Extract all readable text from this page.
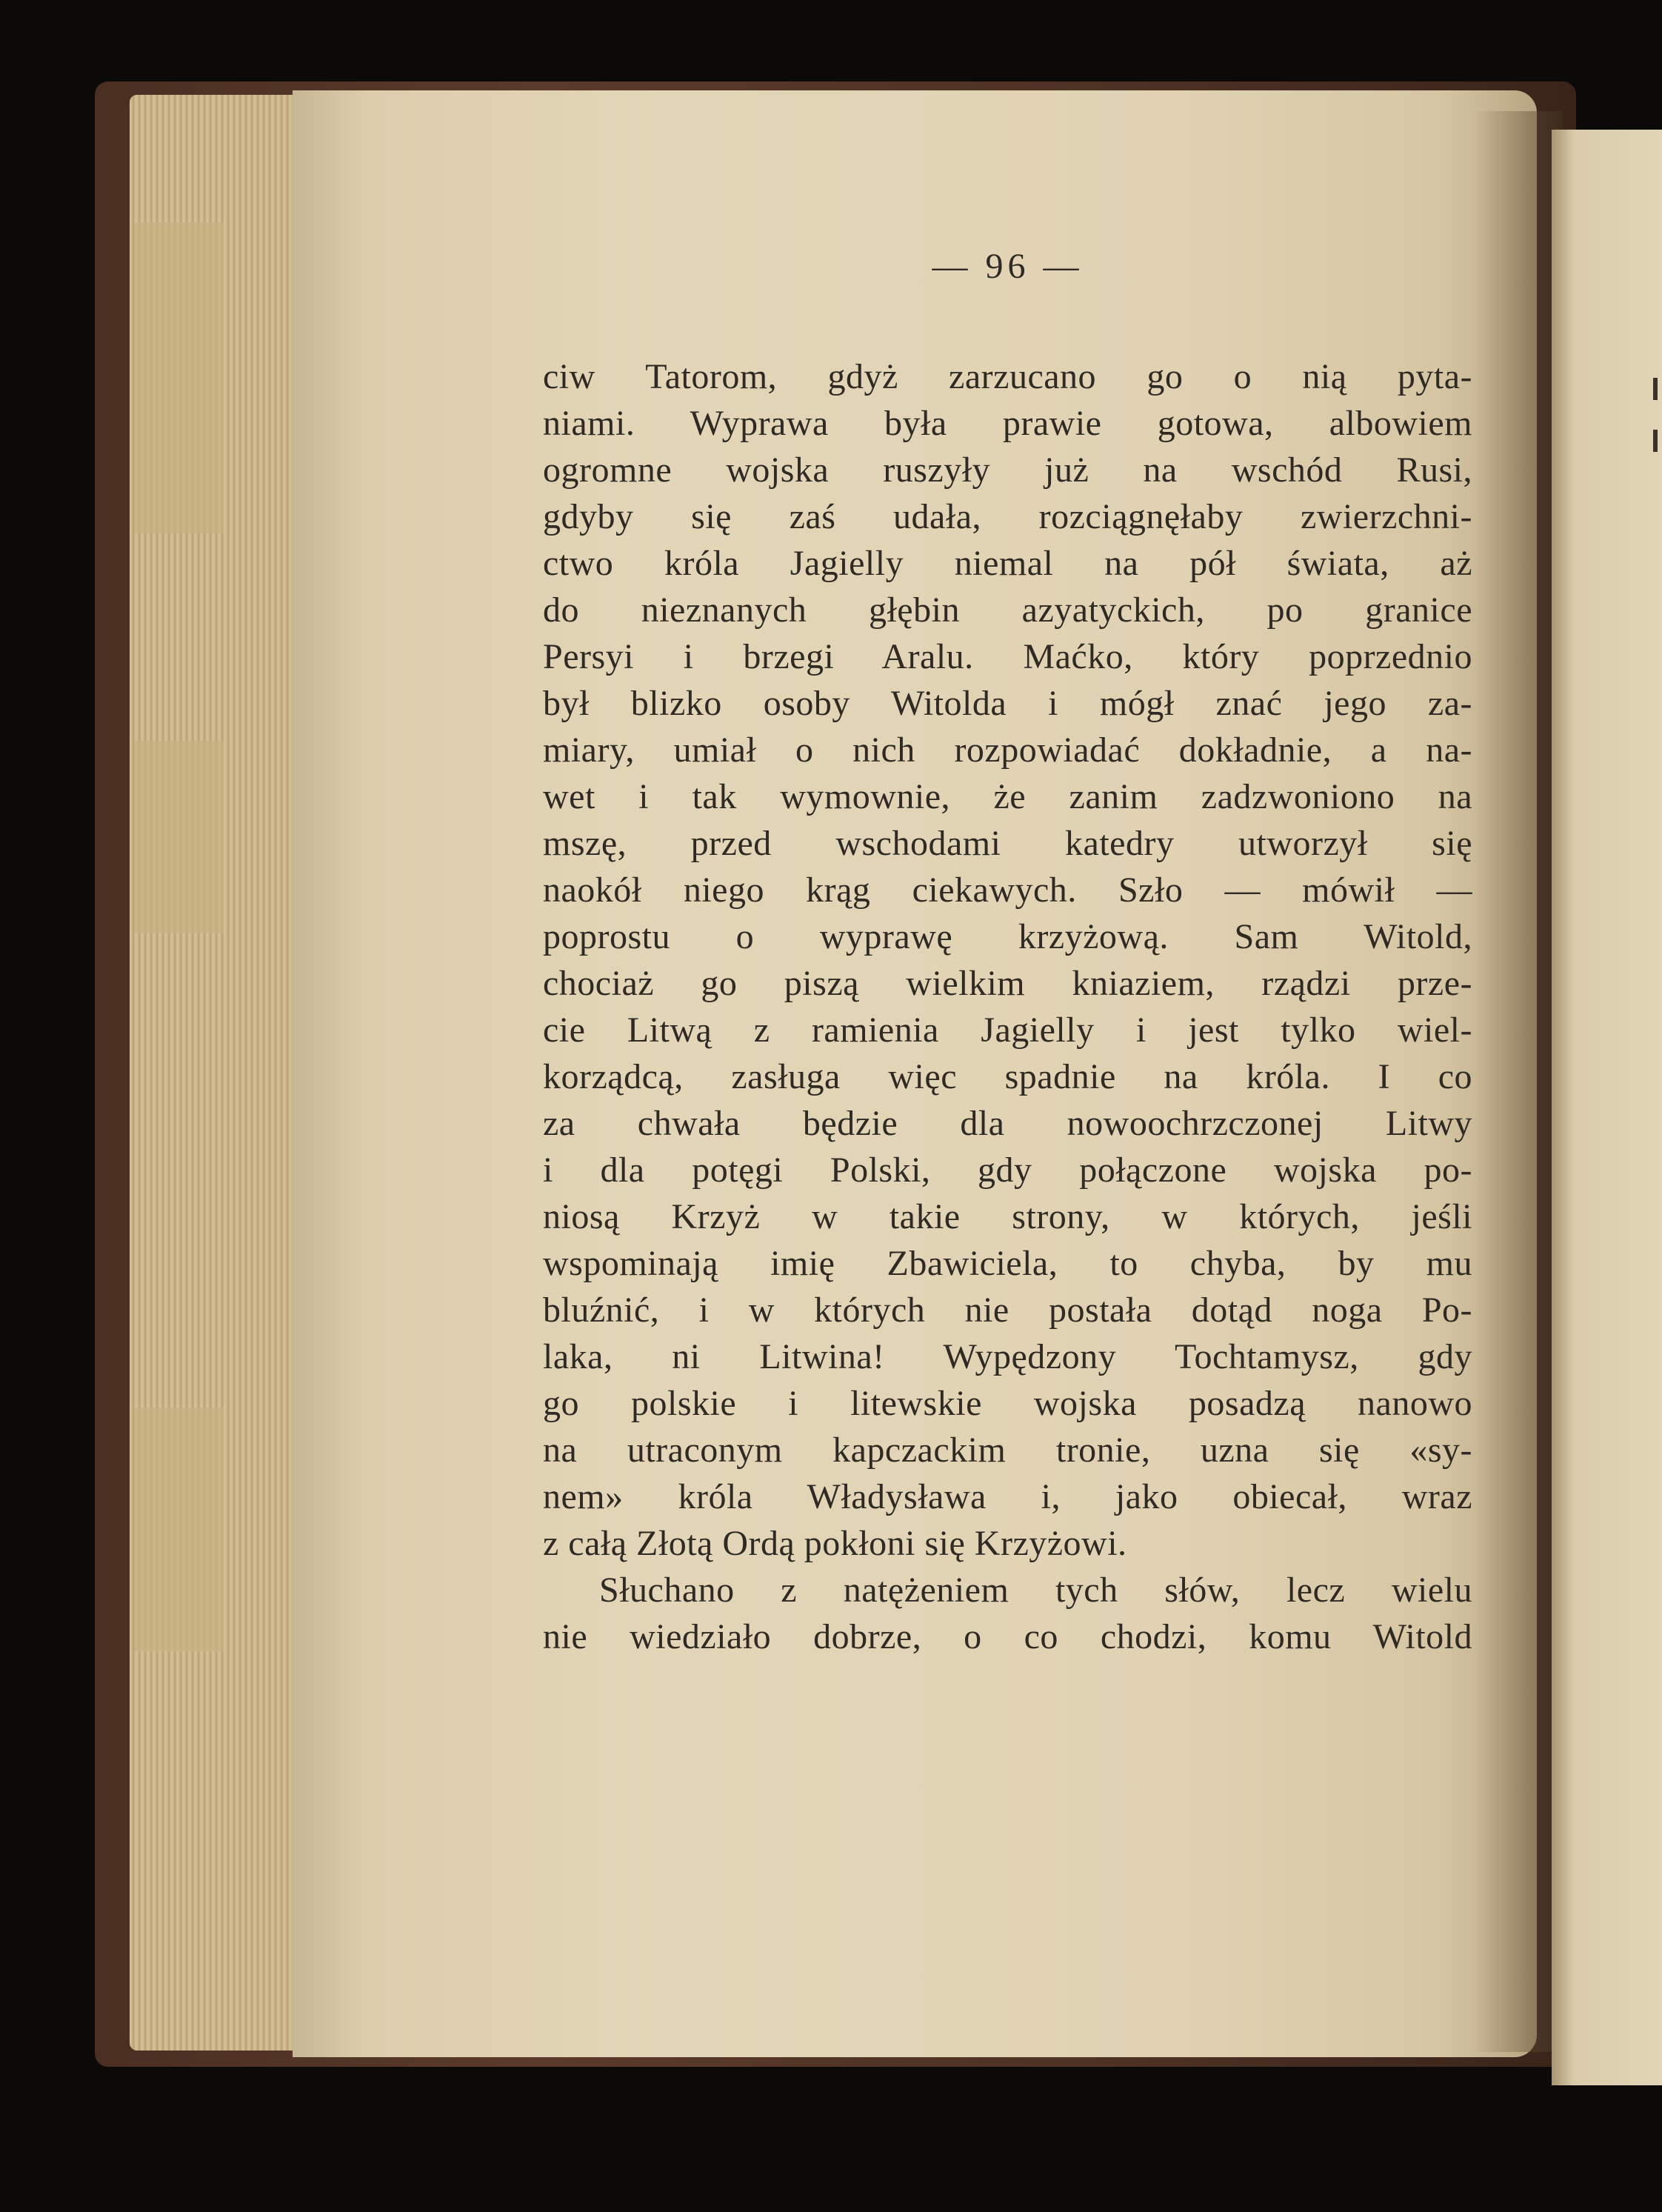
— 96 —
ciw Tatorom, gdyż zarzucano go o nią pyta-
niami. Wyprawa była prawie gotowa, albowiem
ogromne wojska ruszyły już na wschód Rusi,
gdyby się zaś udała, rozciągnęłaby zwierzchni-
ctwo króla Jagielly niemal na pół świata, aż
do nieznanych głębin azyatyckich, po granice
Persyi i brzegi Aralu. Maćko, który poprzednio
był blizko osoby Witolda i mógł znać jego za-
miary, umiał o nich rozpowiadać dokładnie, a na-
wet i tak wymownie, że zanim zadzwoniono na
mszę, przed wschodami katedry utworzył się
naokół niego krąg ciekawych. Szło — mówił —
poprostu o wyprawę krzyżową. Sam Witold,
chociaż go piszą wielkim kniaziem, rządzi prze-
cie Litwą z ramienia Jagielly i jest tylko wiel-
korządcą, zasługa więc spadnie na króla. I co
za chwała będzie dla nowoochrzczonej Litwy
i dla potęgi Polski, gdy połączone wojska po-
niosą Krzyż w takie strony, w których, jeśli
wspominają imię Zbawiciela, to chyba, by mu
bluźnić, i w których nie postała dotąd noga Po-
laka, ni Litwina! Wypędzony Tochtamysz, gdy
go polskie i litewskie wojska posadzą nanowo
na utraconym kapczackim tronie, uzna się «sy-
nem» króla Władysława i, jako obiecał, wraz
z całą Złotą Ordą pokłoni się Krzyżowi.
Słuchano z natężeniem tych słów, lecz wielu
nie wiedziało dobrze, o co chodzi, komu Witold
